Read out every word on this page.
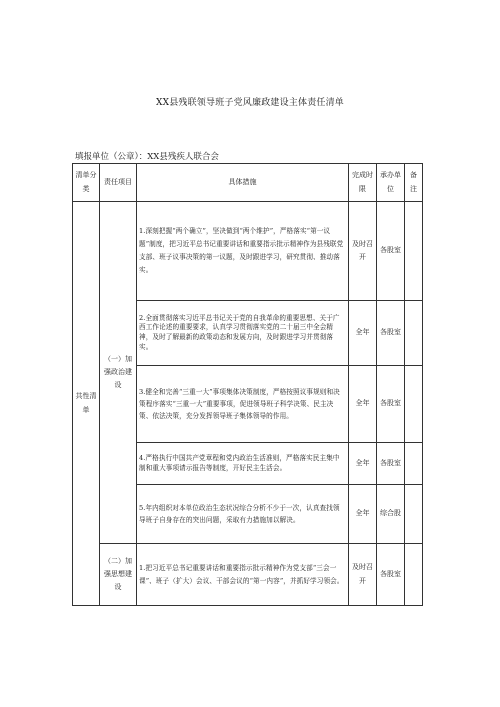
XX县残联领导班子党风廉政建设主体责任清单
填报单位（公章）：XX县残疾人联合会
清单分类	责任项目	具体措施	完成时限	承办单位	备注
共性清单	（一）加强政治建设	1.深刻把握“两个确立”，坚决做到“两个维护”，严格落实“第一议题”制度，把习近平总书记重要讲话和重要指示批示精神作为县残联党支部、班子议事决策的第一议题，及时跟进学习，研究贯彻、推动落实。	及时召开	各股室	
		2.全面贯彻落实习近平总书记关于党的自我革命的重要思想、关于广西工作论述的重要要求，认真学习贯彻落实党的二十届三中全会精神，及时了解最新的政策动态和发展方向，及时跟进学习并贯彻落实。	全年	各股室	
		3.健全和完善“三重一大”事项集体决策制度，严格按照议事规则和决策程序落实“三重一大”重要事项，促进领导班子科学决策、民主决策、依法决策，充分发挥领导班子集体领导的作用。	全年	各股室	
		4.严格执行中国共产党章程和党内政治生活准则，严格落实民主集中制和重大事项请示报告等制度，开好民主生活会。	全年	各股室	
		5.年内组织对本单位政治生态状况综合分析不少于一次，认真查找领导班子自身存在的突出问题，采取有力措施加以解决。	全年	综合股	
	（二）加强思想建设	1.把习近平总书记重要讲话和重要指示批示精神作为党支部“三会一课”、班子（扩大）会议、干部会议的“第一内容”，并抓好学习领会。	及时召开	各股室	
